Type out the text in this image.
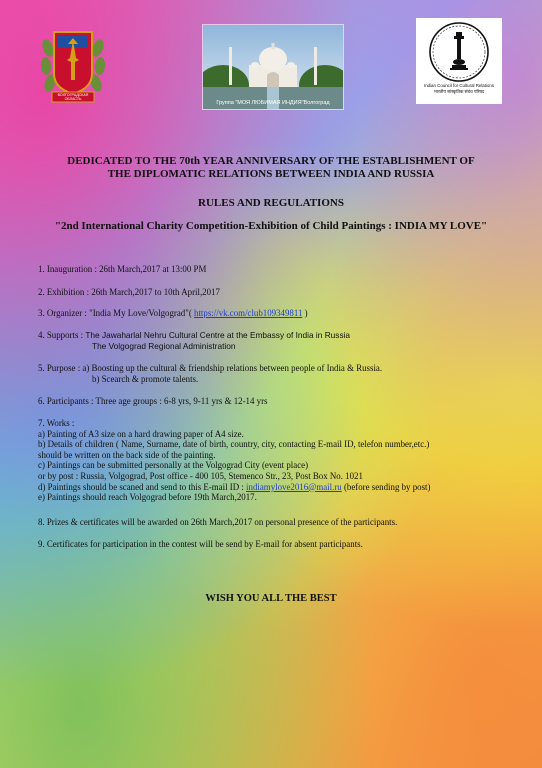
ВОЛГОГРАДСКАЯ ОБЛАСТЬ
Группа "МОЯ ЛЮБИМАЯ ИНДИЯ"Волгоград
Indian Council for Cultural Relations
भारतीय सांस्कृतिक संबंध परिषद
DEDICATED TO THE 70th YEAR ANNIVERSARY OF THE ESTABLISHMENT OF
THE DIPLOMATIC RELATIONS BETWEEN INDIA AND RUSSIA
RULES AND REGULATIONS
"2nd International Charity Competition-Exhibition of Child Paintings : INDIA MY LOVE"
1. Inauguration : 26th March,2017 at 13:00 PM
2. Exhibition : 26th March,2017 to 10th April,2017
3. Organizer : "India My Love/Volgograd"( https://vk.com/club109349811 )
4. Supports : The Jawaharlal Nehru Cultural Centre at the Embassy of India in Russia
The Volgograd Regional Administration
5. Purpose : a) Boosting up the cultural & friendship relations between people of India & Russia.
b) Scearch & promote talents.
6. Participants : Three age groups : 6-8 yrs, 9-11 yrs & 12-14 yrs
7. Works :
a) Painting of A3 size on a hard drawing paper of A4 size.
b) Details of children ( Name, Surname, date of birth, country, city, contacting E-mail ID, telefon number,etc.)
should be written on the back side of the painting.
c) Paintings can be submitted personally at the Volgograd City (event place)
or by post : Russia, Volgograd, Post office - 400 105, Stemenco Str., 23, Post Box No. 1021
d) Paintings should be scaned and send to this E-mail ID : indiamylove2016@mail.ru (before sending by post)
e) Paintings should reach Volgograd before 19th March,2017.
8. Prizes & certificates will be awarded on 26th March,2017 on personal presence of the participants.
9. Certificates for participation in the contest will be send by E-mail for absent participants.
WISH YOU ALL THE BEST
